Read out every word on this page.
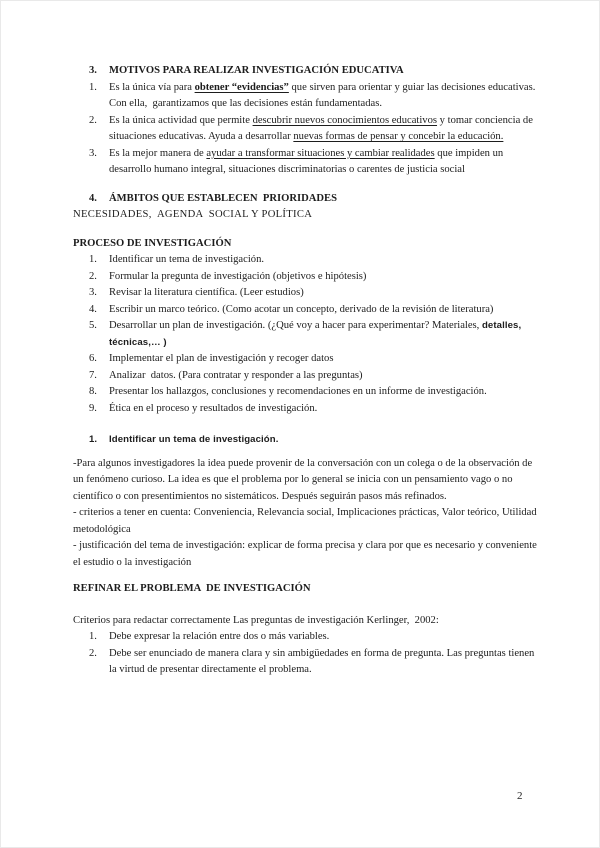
3.	MOTIVOS PARA REALIZAR INVESTIGACIÓN EDUCATIVA
1.	Es la única vía para obtener “evidencias” que sirven para orientar y guiar las decisiones educativas. Con ella,  garantizamos que las decisiones están fundamentadas.
2.	Es la única actividad que permite descubrir nuevos conocimientos educativos y tomar conciencia de situaciones educativas. Ayuda a desarrollar nuevas formas de pensar y concebir la educación.
3.	Es la mejor manera de ayudar a transformar situaciones y cambiar realidades que impiden un desarrollo humano integral, situaciones discriminatorias o carentes de justicia social
4.	ÁMBITOS QUE ESTABLECEN  PRIORIDADES
NECESIDADES,  AGENDA  SOCIAL Y POLÍTICA
PROCESO DE INVESTIGACIÓN
1.	Identificar un tema de investigación.
2.	Formular la pregunta de investigación (objetivos e hipótesis)
3.	Revisar la literatura científica. (Leer estudios)
4.	Escribir un marco teórico. (Como acotar un concepto, derivado de la revisión de literatura)
5.	Desarrollar un plan de investigación. (¿Qué voy a hacer para experimentar? Materiales, detalles, técnicas,… )
6.	Implementar el plan de investigación y recoger datos
7.	Analizar  datos. (Para contratar y responder a las preguntas)
8.	Presentar los hallazgos, conclusiones y recomendaciones en un informe de investigación.
9.	Ética en el proceso y resultados de investigación.
1.	Identificar un tema de investigación.
-Para algunos investigadores la idea puede provenir de la conversación con un colega o de la observación de un fenómeno curioso. La idea es que el problema por lo general se inicia con un pensamiento vago o no científico o con presentimientos no sistemáticos. Después seguirán pasos más refinados.
- criterios a tener en cuenta: Conveniencia, Relevancia social, Implicaciones prácticas, Valor teórico, Utilidad  metodológica
- justificación del tema de investigación: explicar de forma precisa y clara por que es necesario y conveniente el estudio o la investigación
REFINAR EL PROBLEMA  DE INVESTIGACIÓN
Criterios para redactar correctamente Las preguntas de investigación Kerlinger,  2002:
1.	Debe expresar la relación entre dos o más variables.
2.	Debe ser enunciado de manera clara y sin ambigüedades en forma de pregunta. Las preguntas tienen la virtud de presentar directamente el problema.
2
